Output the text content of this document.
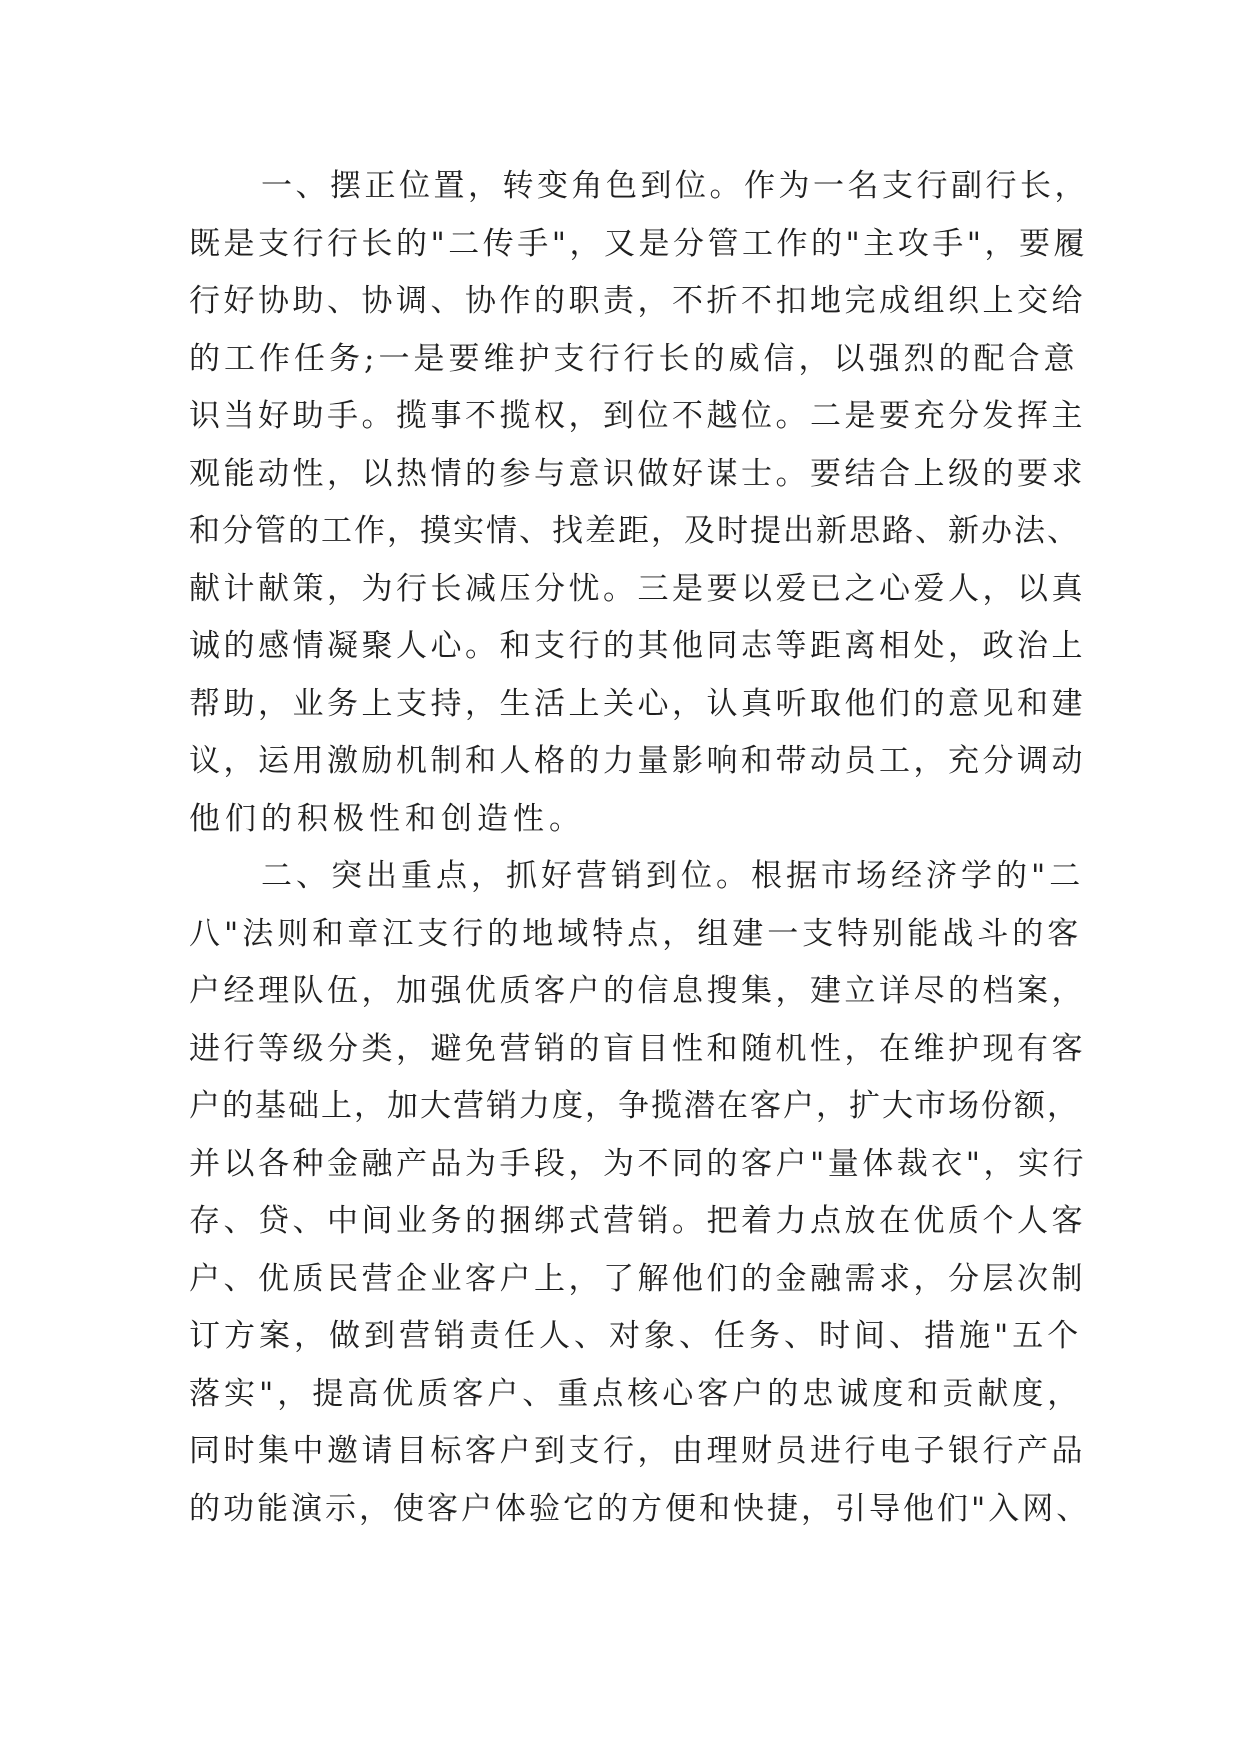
一、摆正位置，转变角色到位。作为一名支行副行长，
既是支行行长的"二传手"，又是分管工作的"主攻手"，要履
行好协助、协调、协作的职责，不折不扣地完成组织上交给
的工作任务;一是要维护支行行长的威信，以强烈的配合意
识当好助手。揽事不揽权，到位不越位。二是要充分发挥主
观能动性，以热情的参与意识做好谋士。要结合上级的要求
和分管的工作，摸实情、找差距，及时提出新思路、新办法、
献计献策，为行长减压分忧。三是要以爱已之心爱人，以真
诚的感情凝聚人心。和支行的其他同志等距离相处，政治上
帮助，业务上支持，生活上关心，认真听取他们的意见和建
议，运用激励机制和人格的力量影响和带动员工，充分调动
他们的积极性和创造性。
二、突出重点，抓好营销到位。根据市场经济学的"二
八"法则和章江支行的地域特点，组建一支特别能战斗的客
户经理队伍，加强优质客户的信息搜集，建立详尽的档案，
进行等级分类，避免营销的盲目性和随机性，在维护现有客
户的基础上，加大营销力度，争揽潜在客户，扩大市场份额，
并以各种金融产品为手段，为不同的客户"量体裁衣"，实行
存、贷、中间业务的捆绑式营销。把着力点放在优质个人客
户、优质民营企业客户上，了解他们的金融需求，分层次制
订方案，做到营销责任人、对象、任务、时间、措施"五个
落实"，提高优质客户、重点核心客户的忠诚度和贡献度，
同时集中邀请目标客户到支行，由理财员进行电子银行产品
的功能演示，使客户体验它的方便和快捷，引导他们"入网、
